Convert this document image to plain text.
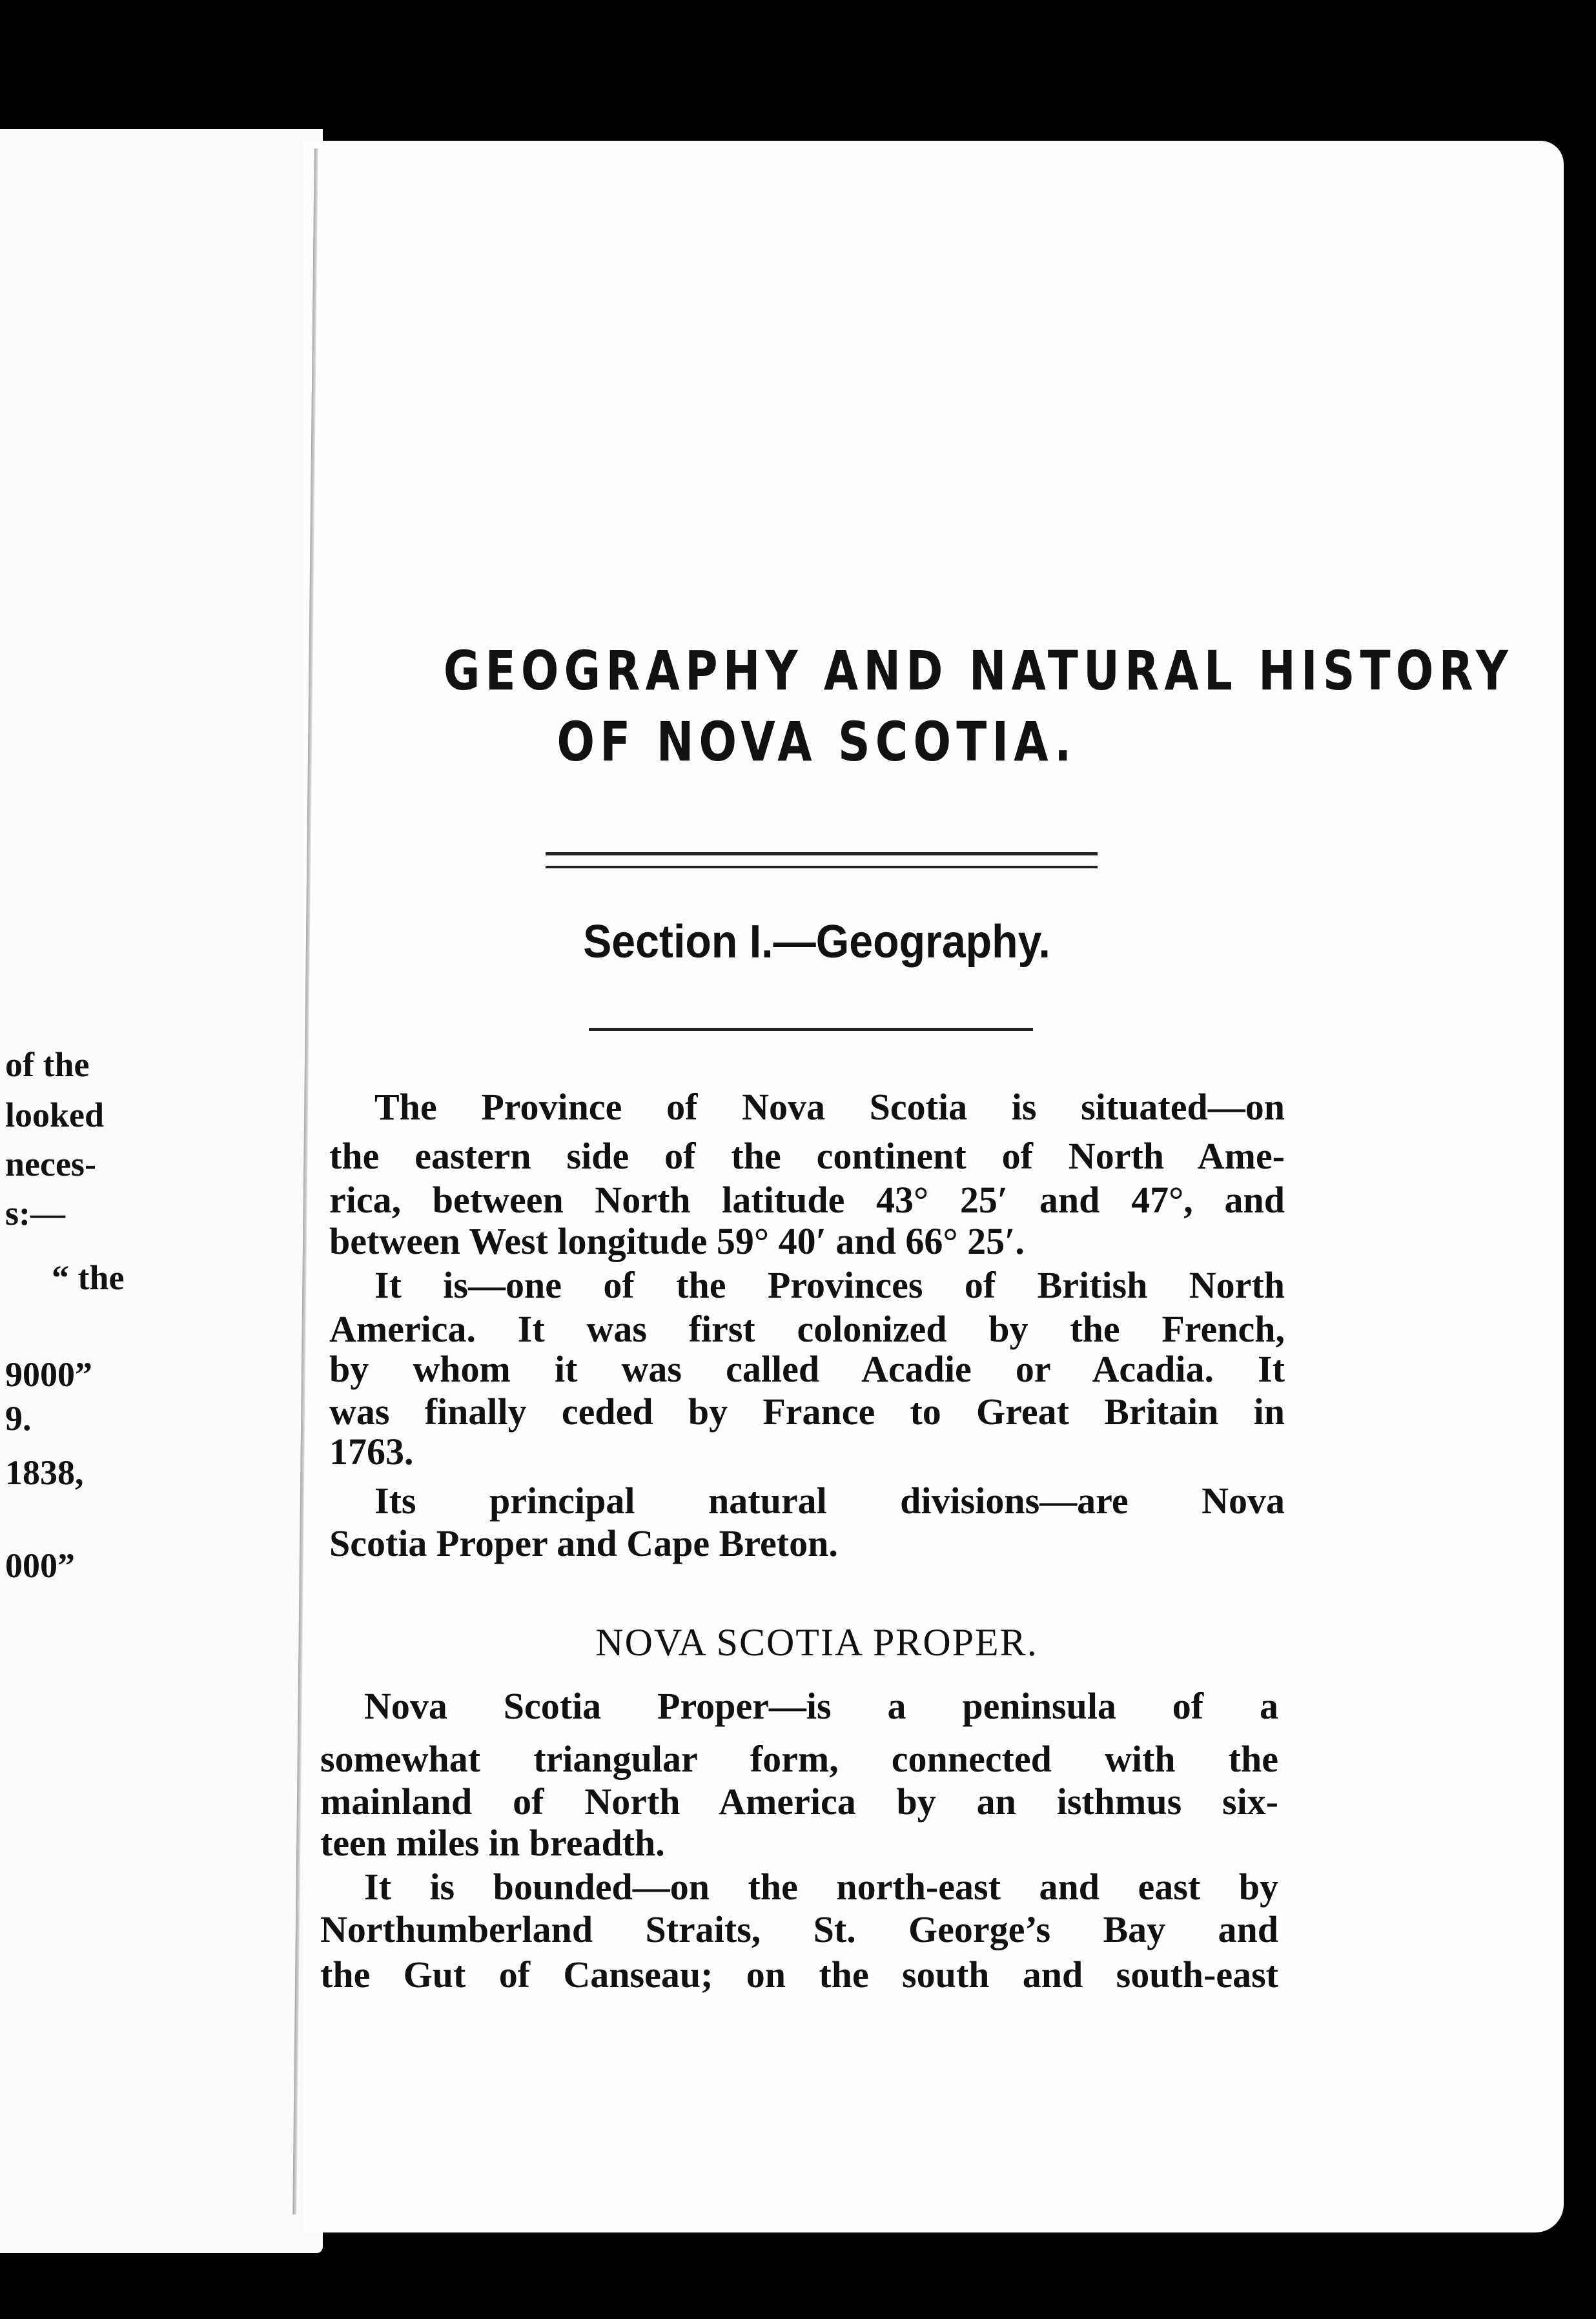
of the
looked
neces-
s:—
“ the
9000”
9.
1838,
000”
GEOGRAPHY AND NATURAL HISTORY
OF NOVA SCOTIA.
Section I.—Geography.
The Province of Nova Scotia is situated—on
the eastern side of the continent of North Ame-
rica, between North latitude 43° 25′ and 47°, and
between West longitude 59° 40′ and 66° 25′.
It is—one of the Provinces of British North
America. It was first colonized by the French,
by whom it was called Acadie or Acadia. It
was finally ceded by France to Great Britain in
1763.
Its principal natural divisions—are Nova
Scotia Proper and Cape Breton.
NOVA SCOTIA PROPER.
Nova Scotia Proper—is a peninsula of a
somewhat triangular form, connected with the
mainland of North America by an isthmus six-
teen miles in breadth.
It is bounded—on the north-east and east by
Northumberland Straits, St. George’s Bay and
the Gut of Canseau; on the south and south-east
